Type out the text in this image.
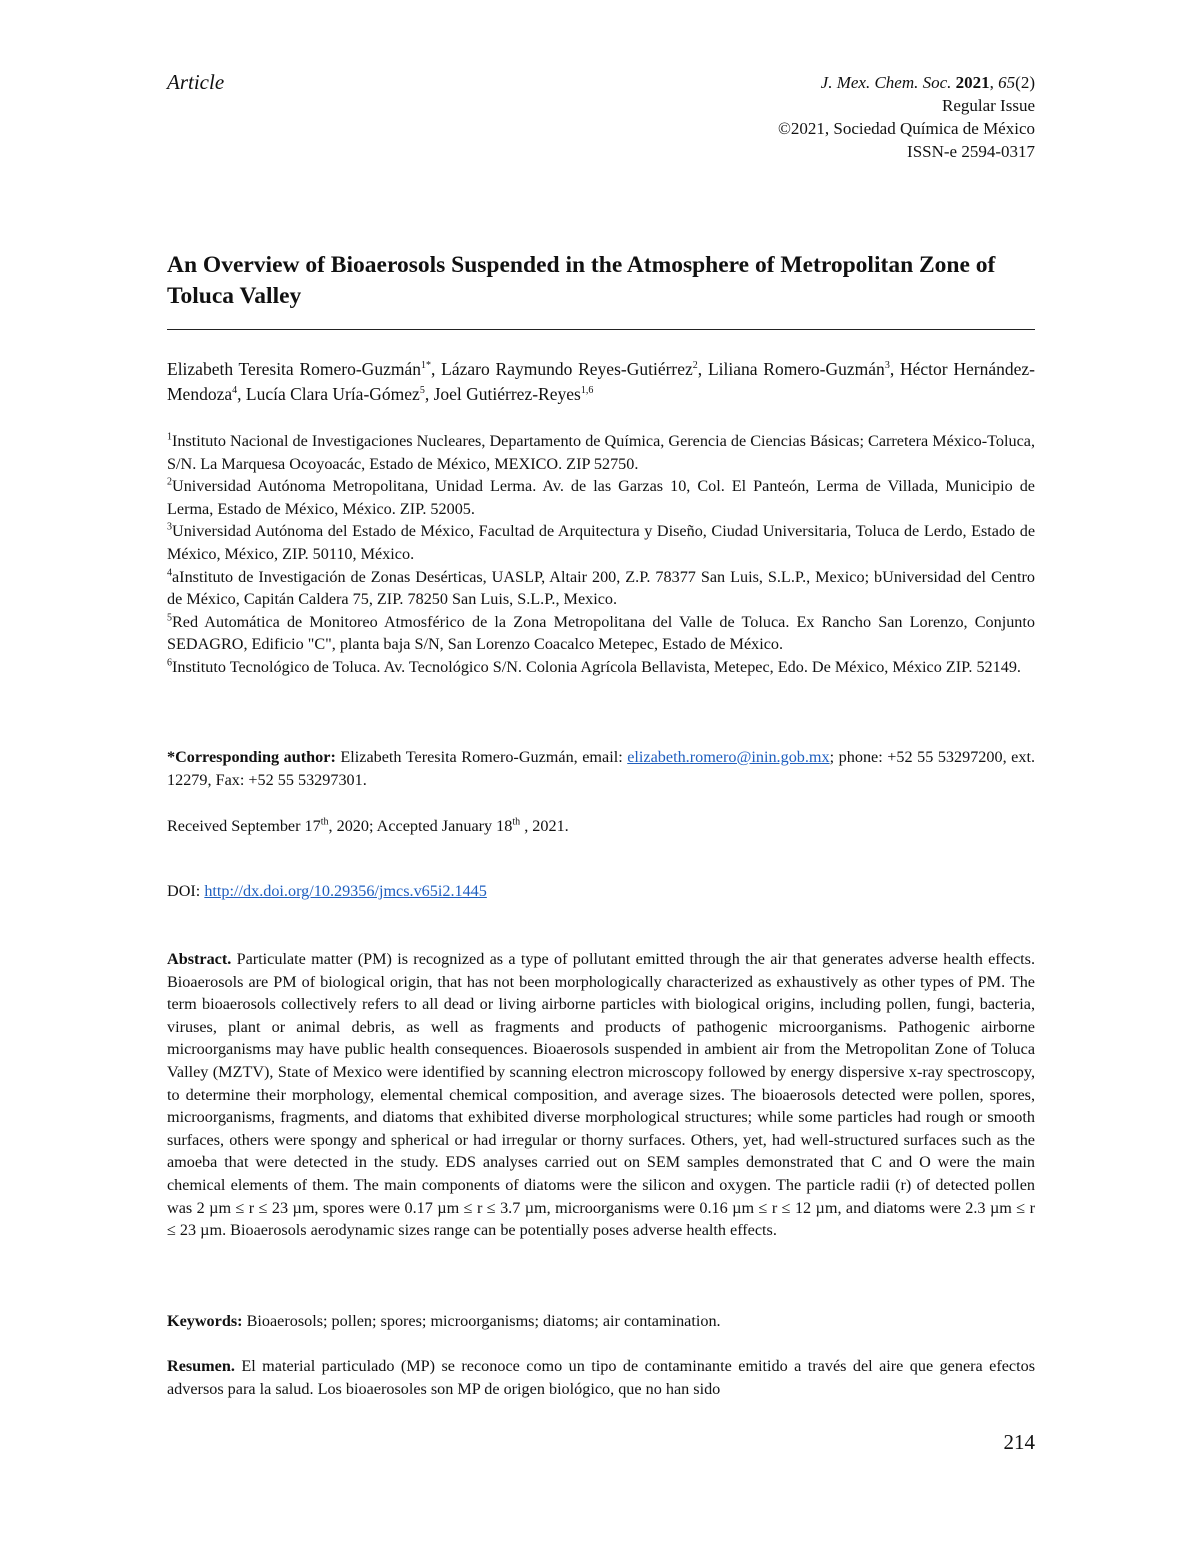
Article	J. Mex. Chem. Soc. 2021, 65(2)
Regular Issue
©2021, Sociedad Química de México
ISSN-e 2594-0317
An Overview of Bioaerosols Suspended in the Atmosphere of Metropolitan Zone of Toluca Valley
Elizabeth Teresita Romero-Guzmán$^{1*}$, Lázaro Raymundo Reyes-Gutiérrez$^2$, Liliana Romero-Guzmán$^3$, Héctor Hernández-Mendoza$^4$, Lucía Clara Uría-Gómez$^5$, Joel Gutiérrez-Reyes$^{1,6}$

$^1$Instituto Nacional de Investigaciones Nucleares, Departamento de Química, Gerencia de Ciencias Básicas; Carretera México-Toluca, S/N. La Marquesa Ocoyoacác, Estado de México, MEXICO. ZIP 52750.

$^2$Universidad Autónoma Metropolitana, Unidad Lerma. Av. de las Garzas 10, Col. El Panteón, Lerma de Villada, Municipio de Lerma, Estado de México, México. ZIP. 52005.

$^3$Universidad Autónoma del Estado de México, Facultad de Arquitectura y Diseño, Ciudad Universitaria, Toluca de Lerdo, Estado de México, México, ZIP. 50110, México.

$^4$aInstituto de Investigación de Zonas Desérticas, UASLP, Altair 200, Z.P. 78377 San Luis, S.L.P., Mexico; bUniversidad del Centro de México, Capitán Caldera 75, ZIP. 78250 San Luis, S.L.P., Mexico.

$^5$Red Automática de Monitoreo Atmosférico de la Zona Metropolitana del Valle de Toluca. Ex Rancho San Lorenzo, Conjunto SEDAGRO, Edificio "C", planta baja S/N, San Lorenzo Coacalco Metepec, Estado de México.

$^6$Instituto Tecnológico de Toluca. Av. Tecnológico S/N. Colonia Agrícola Bellavista, Metepec, Edo. De México, México ZIP. 52149.

*Corresponding author: Elizabeth Teresita Romero-Guzmán, email: elizabeth.romero@inin.gob.mx; phone: +52 55 53297200, ext. 12279, Fax: +52 55 53297301.
Received September 17th, 2020; Accepted January 18th , 2021.
DOI: http://dx.doi.org/10.29356/jmcs.v65i2.1445
Abstract. Particulate matter (PM) is recognized as a type of pollutant emitted through the air that generates adverse health effects. Bioaerosols are PM of biological origin, that has not been morphologically characterized as exhaustively as other types of PM. The term bioaerosols collectively refers to all dead or living airborne particles with biological origins, including pollen, fungi, bacteria, viruses, plant or animal debris, as well as fragments and products of pathogenic microorganisms. Pathogenic airborne microorganisms may have public health consequences. Bioaerosols suspended in ambient air from the Metropolitan Zone of Toluca Valley (MZTV), State of Mexico were identified by scanning electron microscopy followed by energy dispersive x-ray spectroscopy, to determine their morphology, elemental chemical composition, and average sizes. The bioaerosols detected were pollen, spores, microorganisms, fragments, and diatoms that exhibited diverse morphological structures; while some particles had rough or smooth surfaces, others were spongy and spherical or had irregular or thorny surfaces. Others, yet, had well-structured surfaces such as the amoeba that were detected in the study. EDS analyses carried out on SEM samples demonstrated that C and O were the main chemical elements of them. The main components of diatoms were the silicon and oxygen. The particle radii (r) of detected pollen was 2 µm ≤ r ≤ 23 µm, spores were 0.17 µm ≤ r ≤ 3.7 µm, microorganisms were 0.16 µm ≤ r ≤ 12 µm, and diatoms were 2.3 µm ≤ r ≤ 23 µm. Bioaerosols aerodynamic sizes range can be potentially poses adverse health effects.
Keywords: Bioaerosols; pollen; spores; microorganisms; diatoms; air contamination.
Resumen. El material particulado (MP) se reconoce como un tipo de contaminante emitido a través del aire que genera efectos adversos para la salud. Los bioaerosoles son MP de origen biológico, que no han sido
214
